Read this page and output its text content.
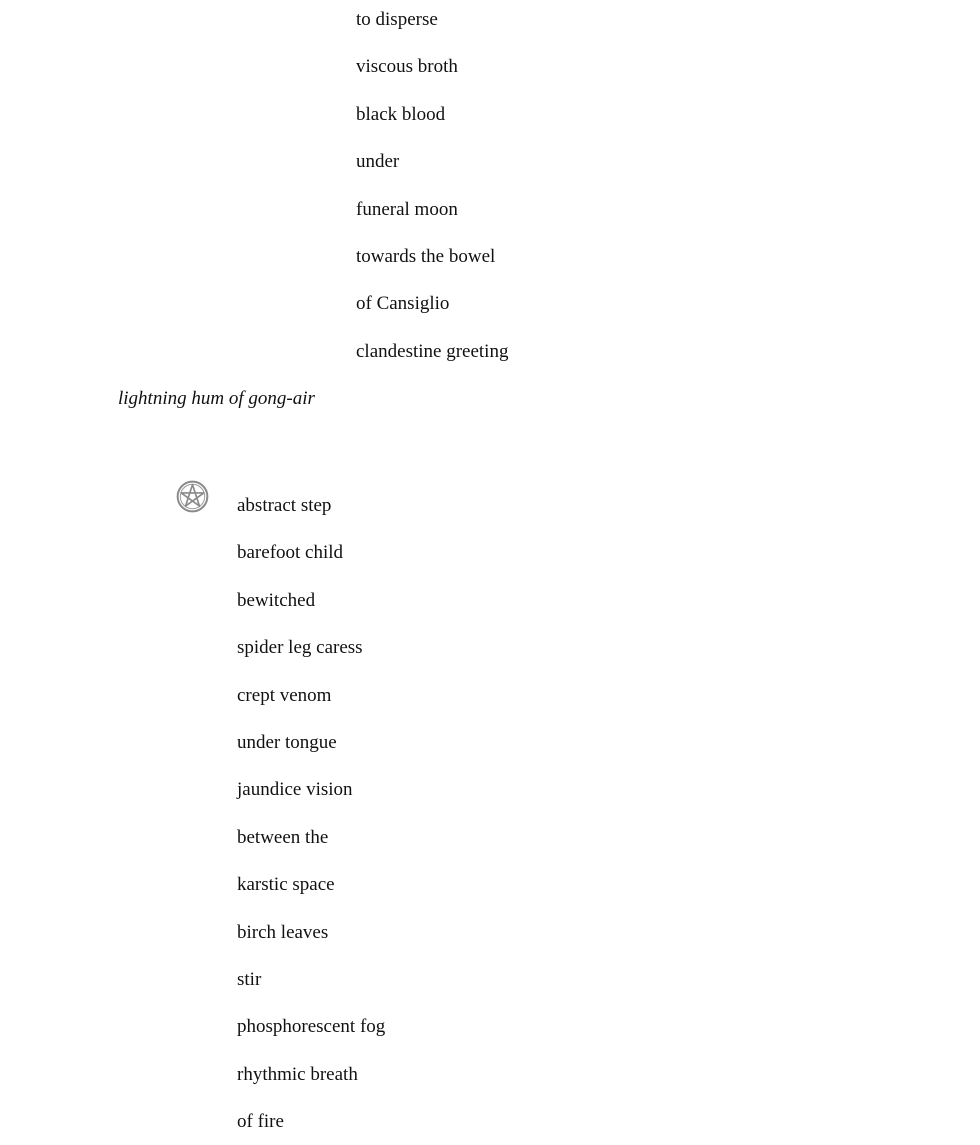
to disperse
viscous broth
black blood
under
funeral moon
towards the bowel
of Cansiglio
clandestine greeting
lightning hum of gong-air
abstract step
barefoot child
bewitched
spider leg caress
crept venom
under tongue
jaundice vision
between the
karstic space
birch leaves
stir
phosphorescent fog
rhythmic breath
of fire
